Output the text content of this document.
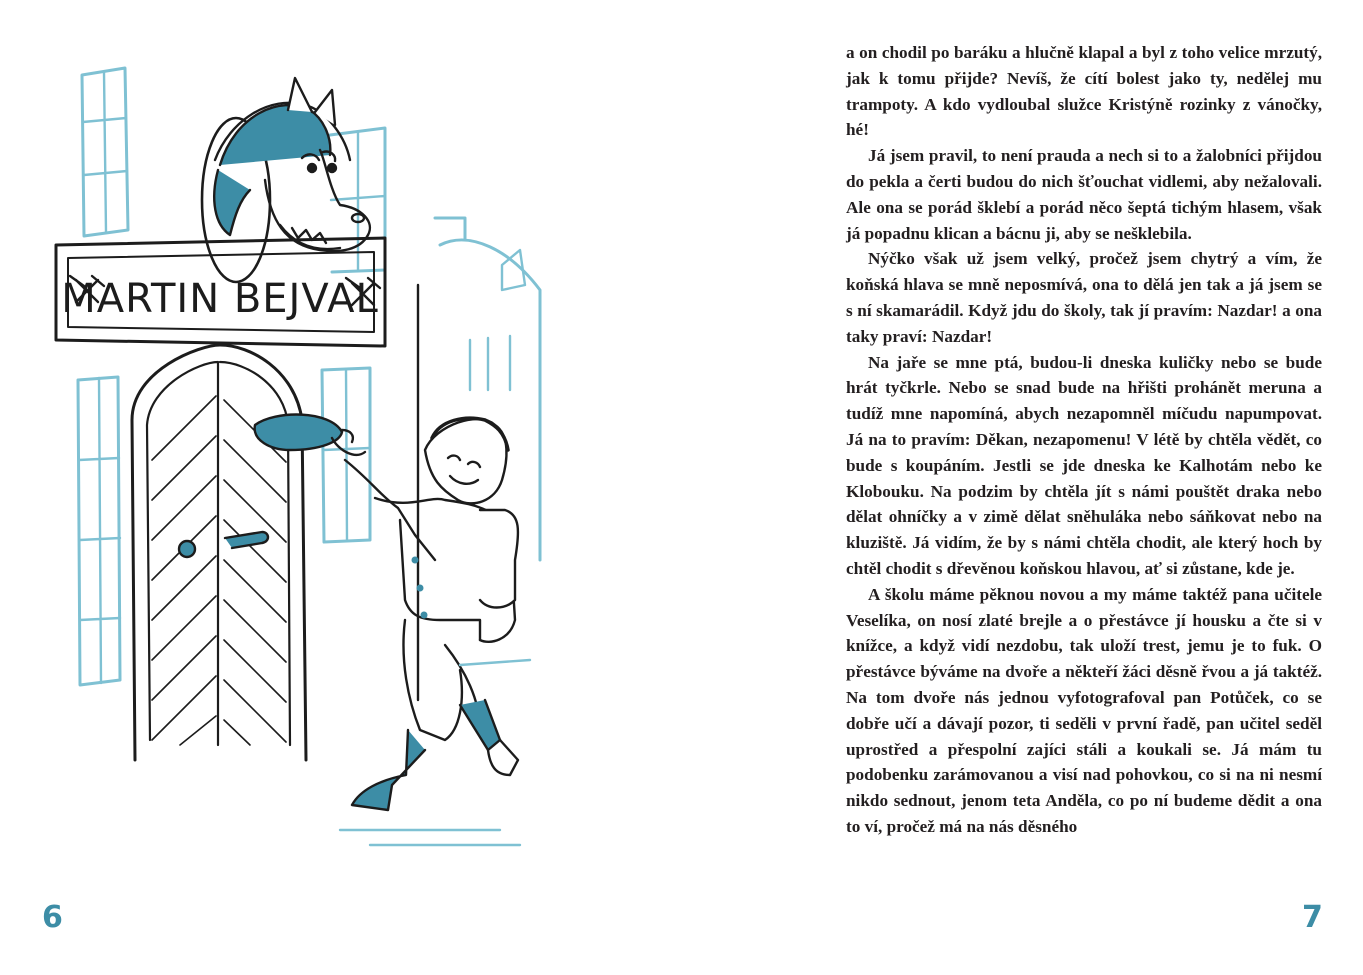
MARTIN BEJVAL
6

a on chodil po baráku a hlučně klapal a byl z toho velice mrzutý, jak k tomu přijde? Nevíš, že cítí bolest jako ty, nedělej mu trampoty. A kdo vydloubal služce Kristýně rozinky z vánočky, hé!

Já jsem pravil, to není prauda a nech si to a žalobníci přijdou do pekla a čerti budou do nich šťouchat vidlemi, aby nežalovali. Ale ona se porád šklebí a porád něco šeptá tichým hlasem, však já popadnu klican a bácnu ji, aby se nešklebila.

Nýčko však už jsem velký, pročež jsem chytrý a vím, že koňská hlava se mně neposmívá, ona to dělá jen tak a já jsem se s ní skamarádil. Když jdu do školy, tak jí pravím: Nazdar! a ona taky praví: Nazdar!

Na jaře se mne ptá, budou-li dneska kuličky nebo se bude hrát tyčkrle. Nebo se snad bude na hřišti prohánět meruna a tudíž mne napomíná, abych nezapomněl míčudu napumpovat. Já na to pravím: Děkan, nezapomenu! V létě by chtěla vědět, co bude s koupáním. Jestli se jde dneska ke Kalhotám nebo ke Klobouku. Na podzim by chtěla jít s námi pouštět draka nebo dělat ohníčky a v zimě dělat sněhuláka nebo sáňkovat nebo na kluziště. Já vidím, že by s námi chtěla chodit, ale který hoch by chtěl chodit s dřevěnou koňskou hlavou, ať si zůstane, kde je.

A školu máme pěknou novou a my máme taktéž pana učitele Veselíka, on nosí zlaté brejle a o přestávce jí housku a čte si v knížce, a když vidí nezdobu, tak uloží trest, jemu je to fuk. O přestávce býváme na dvoře a někteří žáci děsně řvou a já taktéž. Na tom dvoře nás jednou vyfotografoval pan Potůček, co se dobře učí a dávají pozor, ti seděli v první řadě, pan učitel seděl uprostřed a přespolní zajíci stáli a koukali se. Já mám tu podobenku zarámovanou a visí nad pohovkou, co si na ni nesmí nikdo sednout, jenom teta Anděla, co po ní budeme dědit a ona to ví, pročež má na nás děsného

7
